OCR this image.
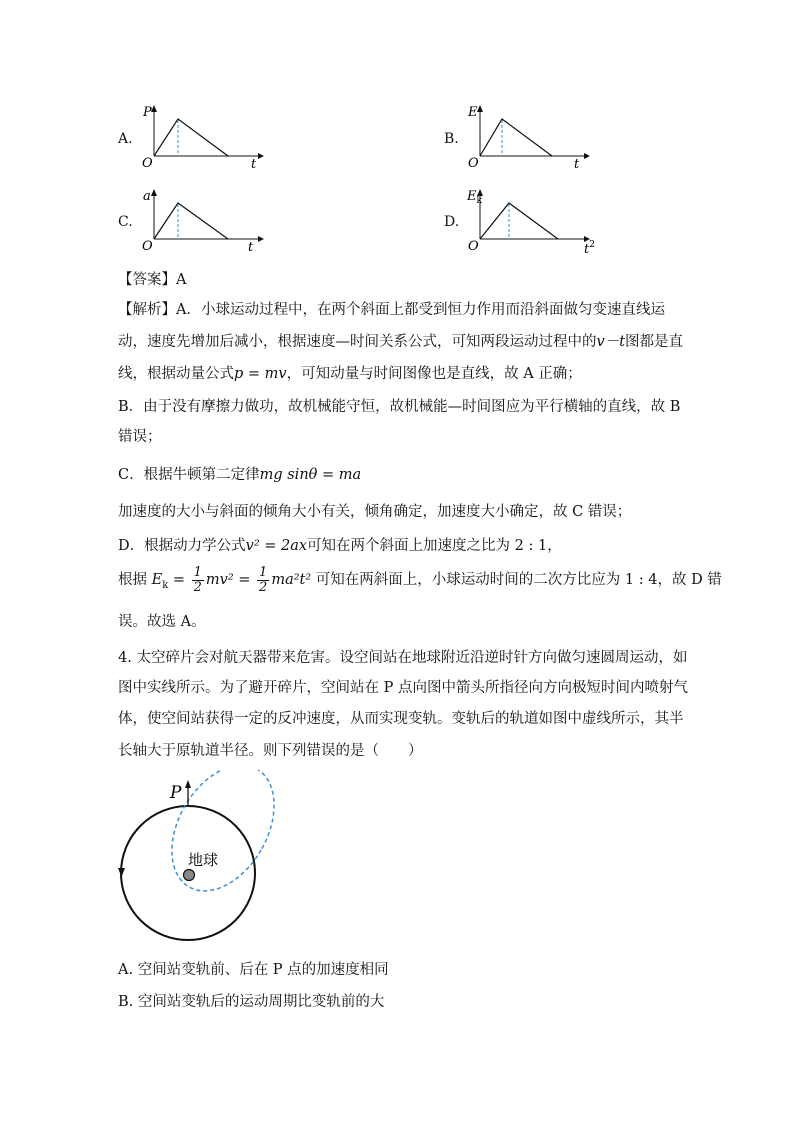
A.
P
O	t
B.
E
O	t
C.
a
O	t
D.
$E_k$
O	$t^2$
【答案】A
【解析】A．小球运动过程中，在两个斜面上都受到恒力作用而沿斜面做匀变速直线运
动，速度先增加后减小，根据速度—时间关系公式，可知两段运动过程中的v－t图都是直
线，根据动量公式p = mv，可知动量与时间图像也是直线，故 A 正确；
B．由于没有摩擦力做功，故机械能守恒，故机械能—时间图应为平行横轴的直线，故 B
错误；
C．根据牛顿第二定律mg sinθ = ma
加速度的大小与斜面的倾角大小有关，倾角确定，加速度大小确定，故 C 错误；
D．根据动力学公式v² = 2ax可知在两个斜面上加速度之比为 2 : 1，
根据 $E_k = \frac{1}{2} mv^2 = \frac{1}{2} ma^2t^2$ 可知在两斜面上，小球运动时间的二次方比应为 1 : 4，故 D 错
误。故选 A。
4. 太空碎片会对航天器带来危害。设空间站在地球附近沿逆时针方向做匀速圆周运动，如
图中实线所示。为了避开碎片，空间站在 P 点向图中箭头所指径向方向极短时间内喷射气
体，使空间站获得一定的反冲速度，从而实现变轨。变轨后的轨道如图中虚线所示，其半
长轴大于原轨道半径。则下列错误的是（　　）
P
地球
A. 空间站变轨前、后在 P 点的加速度相同
B. 空间站变轨后的运动周期比变轨前的大
